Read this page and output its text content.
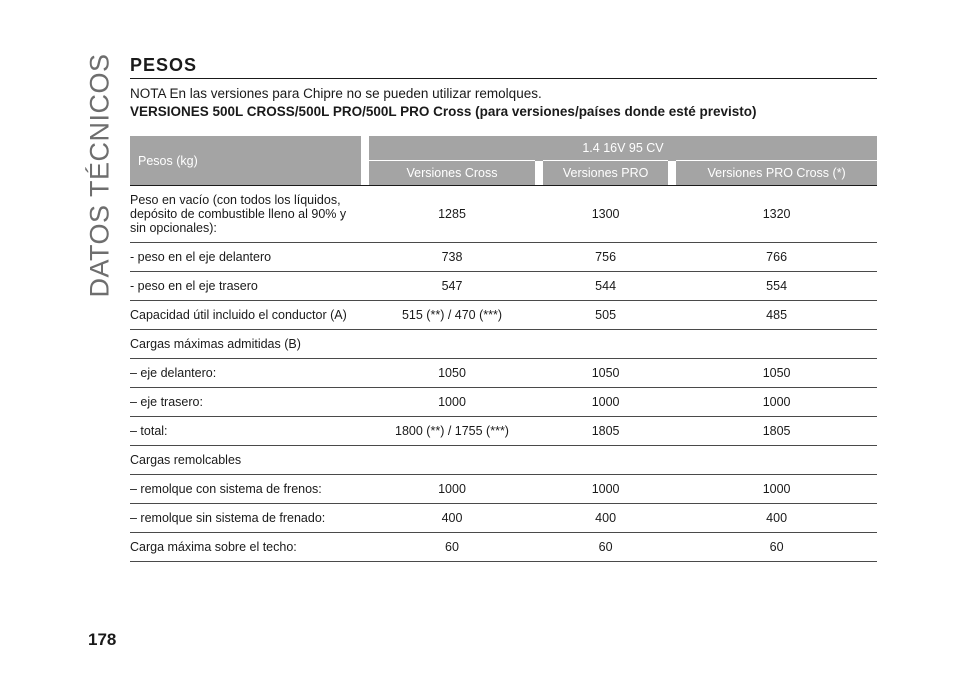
DATOS TÉCNICOS
178
PESOS
NOTA En las versiones para Chipre no se pueden utilizar remolques.
VERSIONES 500L CROSS/500L PRO/500L PRO Cross (para versiones/países donde esté previsto)
Pesos (kg)		1.4 16V 95 CV				
		Versiones Cross		Versiones PRO		Versiones PRO Cross (*)
Peso en vacío (con todos los líquidos, depósito de combustible lleno al 90% y sin opcionales):		1285		1300		1320
- peso en el eje delantero		738		756		766
- peso en el eje trasero		547		544		554
Capacidad útil incluido el conductor (A)		515 (**) / 470 (***)		505		485
Cargas máximas admitidas (B)						
– eje delantero:		1050		1050		1050
– eje trasero:		1000		1000		1000
– total:		1800 (**) / 1755 (***)		1805		1805
Cargas remolcables						
– remolque con sistema de frenos:		1000		1000		1000
– remolque sin sistema de frenado:		400		400		400
Carga máxima sobre el techo:		60		60		60
